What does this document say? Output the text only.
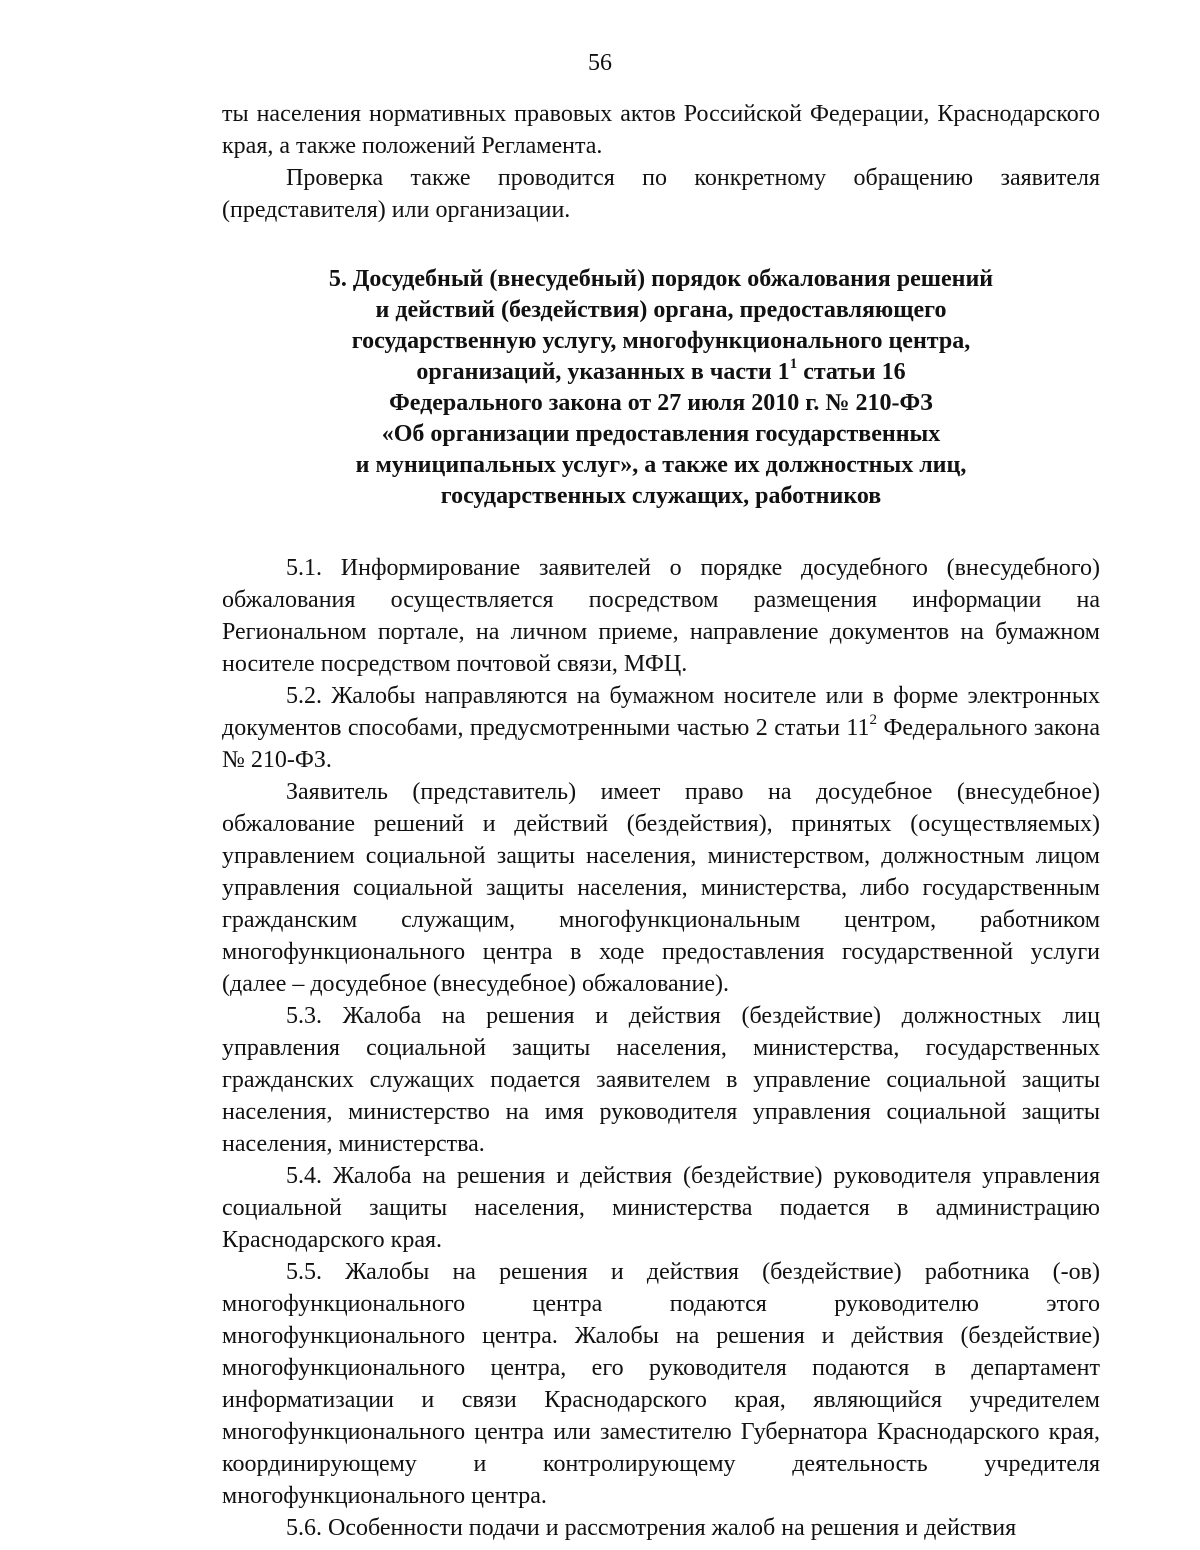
56

ты населения нормативных правовых актов Российской Федерации, Краснодарского края, а также положений Регламента.

Проверка также проводится по конкретному обращению заявителя (представителя) или организации.

5. Досудебный (внесудебный) порядок обжалования решений
и действий (бездействия) органа, предоставляющего
государственную услугу, многофункционального центра,
организаций, указанных в части $1^1$ статьи 16
Федерального закона от 27 июля 2010 г. № 210-ФЗ
«Об организации предоставления государственных
и муниципальных услуг», а также их должностных лиц,
государственных служащих, работников

5.1. Информирование заявителей о порядке досудебного (внесудебного) обжалования осуществляется посредством размещения информации на Региональном портале, на личном приеме, направление документов на бумажном носителе посредством почтовой связи, МФЦ.

5.2. Жалобы направляются на бумажном носителе или в форме электронных документов способами, предусмотренными частью 2 статьи $11^2$ Федерального закона № 210-ФЗ.

Заявитель (представитель) имеет право на досудебное (внесудебное) обжалование решений и действий (бездействия), принятых (осуществляемых) управлением социальной защиты населения, министерством, должностным лицом управления социальной защиты населения, министерства, либо государственным гражданским служащим, многофункциональным центром, работником многофункционального центра в ходе предоставления государственной услуги (далее – досудебное (внесудебное) обжалование).

5.3. Жалоба на решения и действия (бездействие) должностных лиц управления социальной защиты населения, министерства, государственных гражданских служащих подается заявителем в управление социальной защиты населения, министерство на имя руководителя управления социальной защиты населения, министерства.

5.4. Жалоба на решения и действия (бездействие) руководителя управления социальной защиты населения, министерства подается в администрацию Краснодарского края.

5.5. Жалобы на решения и действия (бездействие) работника (-ов) многофункционального центра подаются руководителю этого многофункционального центра. Жалобы на решения и действия (бездействие) многофункционального центра, его руководителя подаются в департамент информатизации и связи Краснодарского края, являющийся учредителем многофункционального центра или заместителю Губернатора Краснодарского края, координирующему и контролирующему деятельность учредителя многофункционального центра.

5.6. Особенности подачи и рассмотрения жалоб на решения и действия
